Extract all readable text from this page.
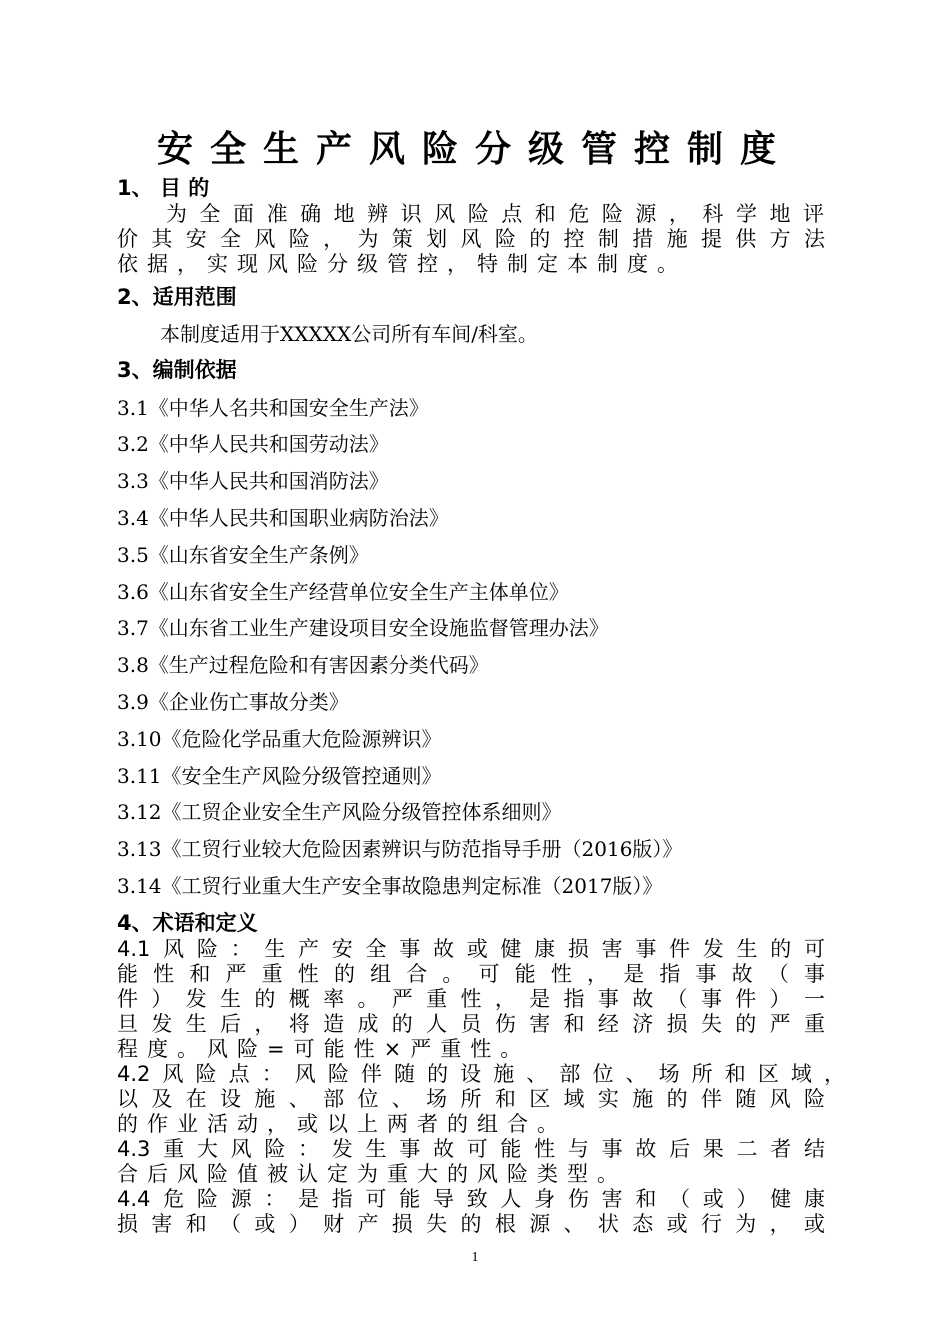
安全生产风险分级管控制度
1、 目 的
为全面准确地辨识风险点和危险源，科学地评
价其安全风险，为策划风险的控制措施提供方法
依据，实现风险分级管控，特制定本制度。
2、适用范围
本制度适用于XXXXX公司所有车间/科室。
3、编制依据
3.1《中华人名共和国安全生产法》
3.2《中华人民共和国劳动法》
3.3《中华人民共和国消防法》
3.4《中华人民共和国职业病防治法》
3.5《山东省安全生产条例》
3.6《山东省安全生产经营单位安全生产主体单位》
3.7《山东省工业生产建设项目安全设施监督管理办法》
3.8《生产过程危险和有害因素分类代码》
3.9《企业伤亡事故分类》
3.10《危险化学品重大危险源辨识》
3.11《安全生产风险分级管控通则》
3.12《工贸企业安全生产风险分级管控体系细则》
3.13《工贸行业较大危险因素辨识与防范指导手册（2016版）》
3.14《工贸行业重大生产安全事故隐患判定标准（2017版）》
4、术语和定义
4.1风险：生产安全事故或健康损害事件发生的可
能性和严重性的组合。可能性，是指事故（事
件）发生的概率。严重性，是指事故（事件）一
旦发生后，将造成的人员伤害和经济损失的严重
程度。风险=可能性×严重性。
4.2风险点：风险伴随的设施、部位、场所和区域，
以及在设施、部位、场所和区域实施的伴随风险
的作业活动，或以上两者的组合。
4.3重大风险：发生事故可能性与事故后果二者结
合后风险值被认定为重大的风险类型。
4.4危险源：是指可能导致人身伤害和（或）健康
损害和（或）财产损失的根源、状态或行为，或
1
